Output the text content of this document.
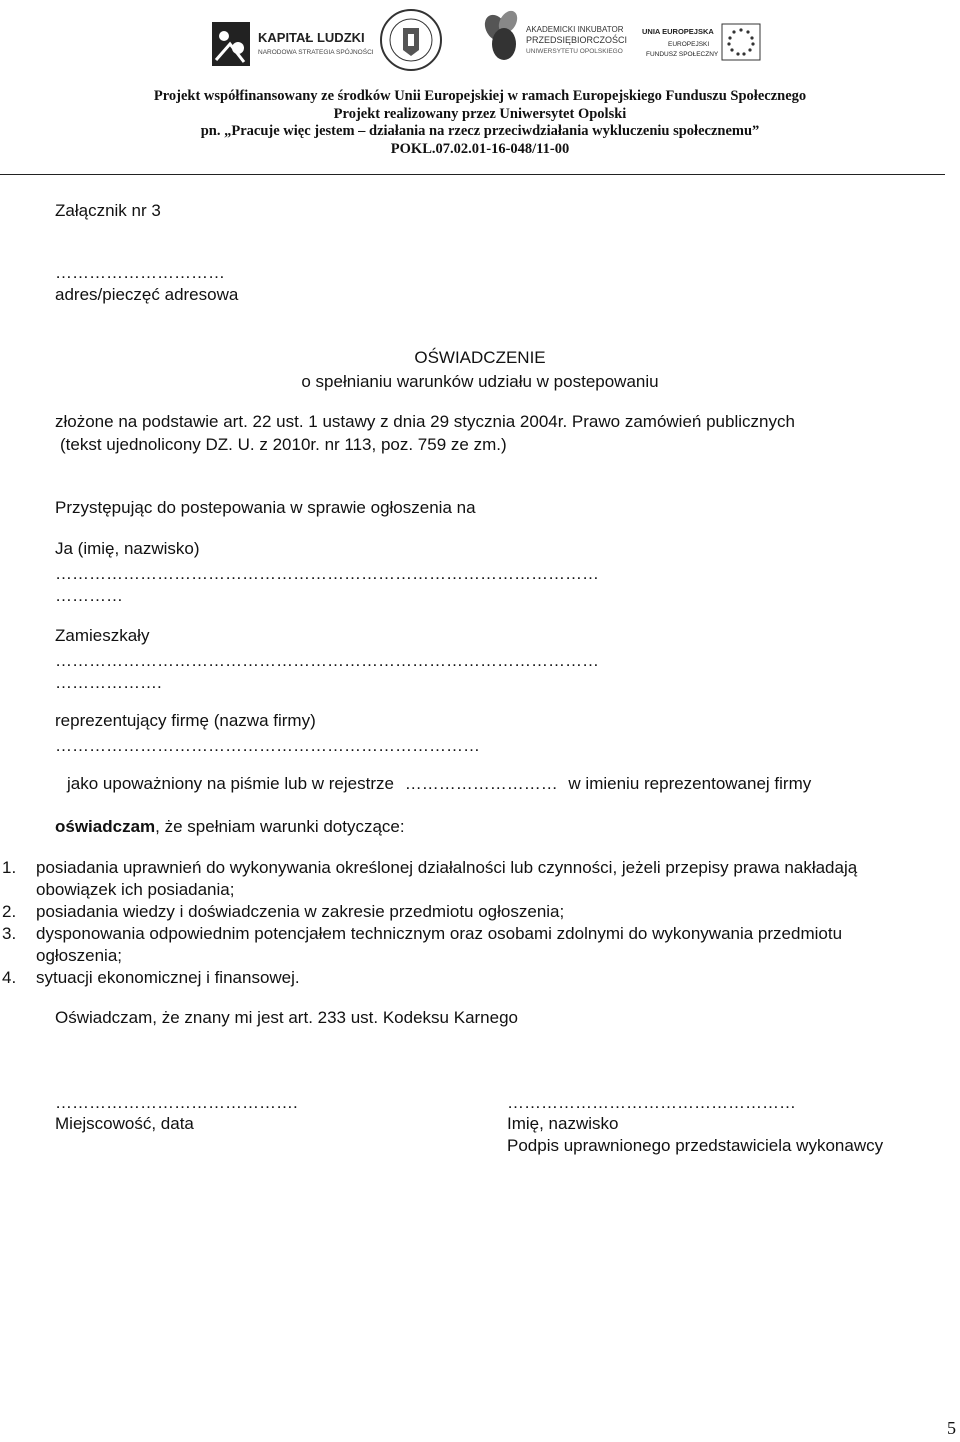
KAPITAŁ LUDZKI
NARODOWA STRATEGIA SPÓJNOŚCI
AKADEMICKI INKUBATOR
PRZEDSIĘBIORCZOŚCI
UNIWERSYTETU OPOLSKIEGO
UNIA EUROPEJSKA
EUROPEJSKI
FUNDUSZ SPOŁECZNY
Projekt współfinansowany ze środków Unii Europejskiej w ramach Europejskiego Funduszu Społecznego
Projekt realizowany przez Uniwersytet Opolski
pn. „Pracuje więc jestem – działania na rzecz przeciwdziałania wykluczeniu społecznemu”
POKL.07.02.01-16-048/11-00
Załącznik nr 3
…………………………
adres/pieczęć adresowa
OŚWIADCZENIE
o spełnianiu warunków udziału w postepowaniu
złożone na podstawie art. 22 ust. 1 ustawy z dnia 29 stycznia 2004r. Prawo zamówień publicznych
(tekst ujednolicony DZ. U. z 2010r. nr 113, poz. 759 ze zm.)
Przystępując do postepowania w sprawie ogłoszenia na
Ja (imię, nazwisko)
……………………………………………………………………………………
…………
Zamieszkały
……………………………………………………………………………………
……………….
reprezentujący firmę (nazwa firmy)
…………………………………………………………………
jako upoważniony na piśmie lub w rejestrze ……………………… w imieniu reprezentowanej firmy
oświadczam, że spełniam warunki dotyczące:
1. posiadania uprawnień do wykonywania określonej działalności lub czynności, jeżeli przepisy prawa nakładają obowiązek ich posiadania;
2. posiadania wiedzy i doświadczenia w zakresie przedmiotu ogłoszenia;
3. dysponowania odpowiednim potencjałem technicznym oraz osobami zdolnymi do wykonywania przedmiotu ogłoszenia;
4. sytuacji ekonomicznej i finansowej.
Oświadczam, że znany mi jest art. 233 ust. Kodeksu Karnego
…………………………………….
Miejscowość, data
……………………………………………
Imię, nazwisko
Podpis uprawnionego przedstawiciela wykonawcy
5
